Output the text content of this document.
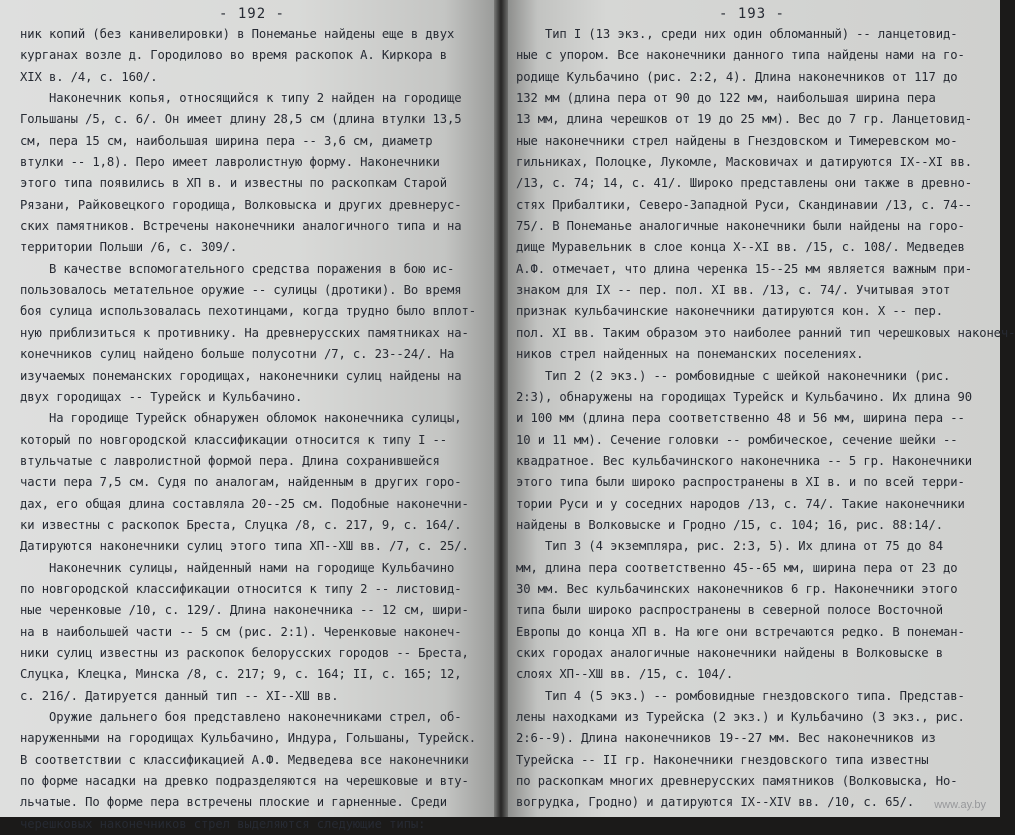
- 192 -
ник копий (без канивелировки) в Понеманье найдены еще в двух
курганах возле д. Городилово во время раскопок А. Киркора в
XIX в. /4, с. 160/.
Наконечник копья, относящийся к типу 2 найден на городище
Гольшаны /5, с. 6/. Он имеет длину 28,5 см (длина втулки 13,5
см, пера 15 см, наибольшая ширина пера -- 3,6 см, диаметр
втулки -- 1,8). Перо имеет лавролистную форму. Наконечники
этого типа появились в ХП в. и известны по раскопкам Старой
Рязани, Райковецкого городища, Волковыска и других древнерус-
ских памятников. Встречены наконечники аналогичного типа и на
территории Польши /6, с. 309/.
В качестве вспомогательного средства поражения в бою ис-
пользовалось метательное оружие -- сулицы (дротики). Во время
боя сулица использовалась пехотинцами, когда трудно было вплот-
ную приблизиться к противнику. На древнерусских памятниках на-
конечников сулиц найдено больше полусотни /7, с. 23--24/. На
изучаемых понеманских городищах, наконечники сулиц найдены на
двух городищах -- Турейск и Кульбачино.
На городище Турейск обнаружен обломок наконечника сулицы,
который по новгородской классификации относится к типу I --
втульчатые с лавролистной формой пера. Длина сохранившейся
части пера 7,5 см. Судя по аналогам, найденным в других горо-
дах, его общая длина составляла 20--25 см. Подобные наконечни-
ки известны с раскопок Бреста, Слуцка /8, с. 217, 9, с. 164/.
Датируются наконечники сулиц этого типа ХП--ХШ вв. /7, с. 25/.
Наконечник сулицы, найденный нами на городище Кульбачино
по новгородской классификации относится к типу 2 -- листовид-
ные черенковые /10, с. 129/. Длина наконечника -- 12 см, шири-
на в наибольшей части -- 5 см (рис. 2:1). Черенковые наконеч-
ники сулиц известны из раскопок белорусских городов -- Бреста,
Слуцка, Клецка, Минска /8, с. 217; 9, с. 164; II, с. 165; 12,
с. 216/. Датируется данный тип -- XI--ХШ вв.
Оружие дальнего боя представлено наконечниками стрел, об-
наруженными на городищах Кульбачино, Индура, Гольшаны, Турейск.
В соответствии с классификацией А.Ф. Медведева все наконечники
по форме насадки на древко подразделяются на черешковые и вту-
льчатые. По форме пера встречены плоские и гарненные. Среди
черешковых наконечников стрел выделяются следующие типы:
- 193 -
Тип I (13 экз., среди них один обломанный) -- ланцетовид-
ные с упором. Все наконечники данного типа найдены нами на го-
родище Кульбачино (рис. 2:2, 4). Длина наконечников от 117 до
132 мм (длина пера от 90 до 122 мм, наибольшая ширина пера
13 мм, длина черешков от 19 до 25 мм). Вес до 7 гр. Ланцетовид-
ные наконечники стрел найдены в Гнездовском и Тимеревском мо-
гильниках, Полоцке, Лукомле, Масковичах и датируются IX--XI вв.
/13, с. 74; 14, с. 41/. Широко представлены они также в древно-
стях Прибалтики, Северо-Западной Руси, Скандинавии /13, с. 74--
75/. В Понеманье аналогичные наконечники были найдены на горо-
дище Муравельник в слое конца Х--XI вв. /15, с. 108/. Медведев
А.Ф. отмечает, что длина черенка 15--25 мм является важным при-
знаком для IX -- пер. пол. XI вв. /13, с. 74/. Учитывая этот
признак кульбачинские наконечники датируются кон. Х -- пер.
пол. XI вв. Таким образом это наиболее ранний тип черешковых наконеч-
ников стрел найденных на понеманских поселениях.
Тип 2 (2 экз.) -- ромбовидные с шейкой наконечники (рис.
2:3), обнаружены на городищах Турейск и Кульбачино. Их длина 90
и 100 мм (длина пера соответственно 48 и 56 мм, ширина пера --
10 и 11 мм). Сечение головки -- ромбическое, сечение шейки --
квадратное. Вес кульбачинского наконечника -- 5 гр. Наконечники
этого типа были широко распространены в XI в. и по всей терри-
тории Руси и у соседних народов /13, с. 74/. Такие наконечники
найдены в Волковыске и Гродно /15, с. 104; 16, рис. 88:14/.
Тип 3 (4 экземпляра, рис. 2:3, 5). Их длина от 75 до 84
мм, длина пера соответственно 45--65 мм, ширина пера от 23 до
30 мм. Вес кульбачинских наконечников 6 гр. Наконечники этого
типа были широко распространены в северной полосе Восточной
Европы до конца ХП в. На юге они встречаются редко. В понеман-
ских городах аналогичные наконечники найдены в Волковыске в
слоях ХП--ХШ вв. /15, с. 104/.
Тип 4 (5 экз.) -- ромбовидные гнездовского типа. Представ-
лены находками из Турейска (2 экз.) и Кульбачино (3 экз., рис.
2:6--9). Длина наконечников 19--27 мм. Вес наконечников из
Турейска -- II гр. Наконечники гнездовского типа известны
по раскопкам многих древнерусских памятников (Волковыска, Но-
вогрудка, Гродно) и датируются IX--XIV вв. /10, с. 65/.	www.ay.by
